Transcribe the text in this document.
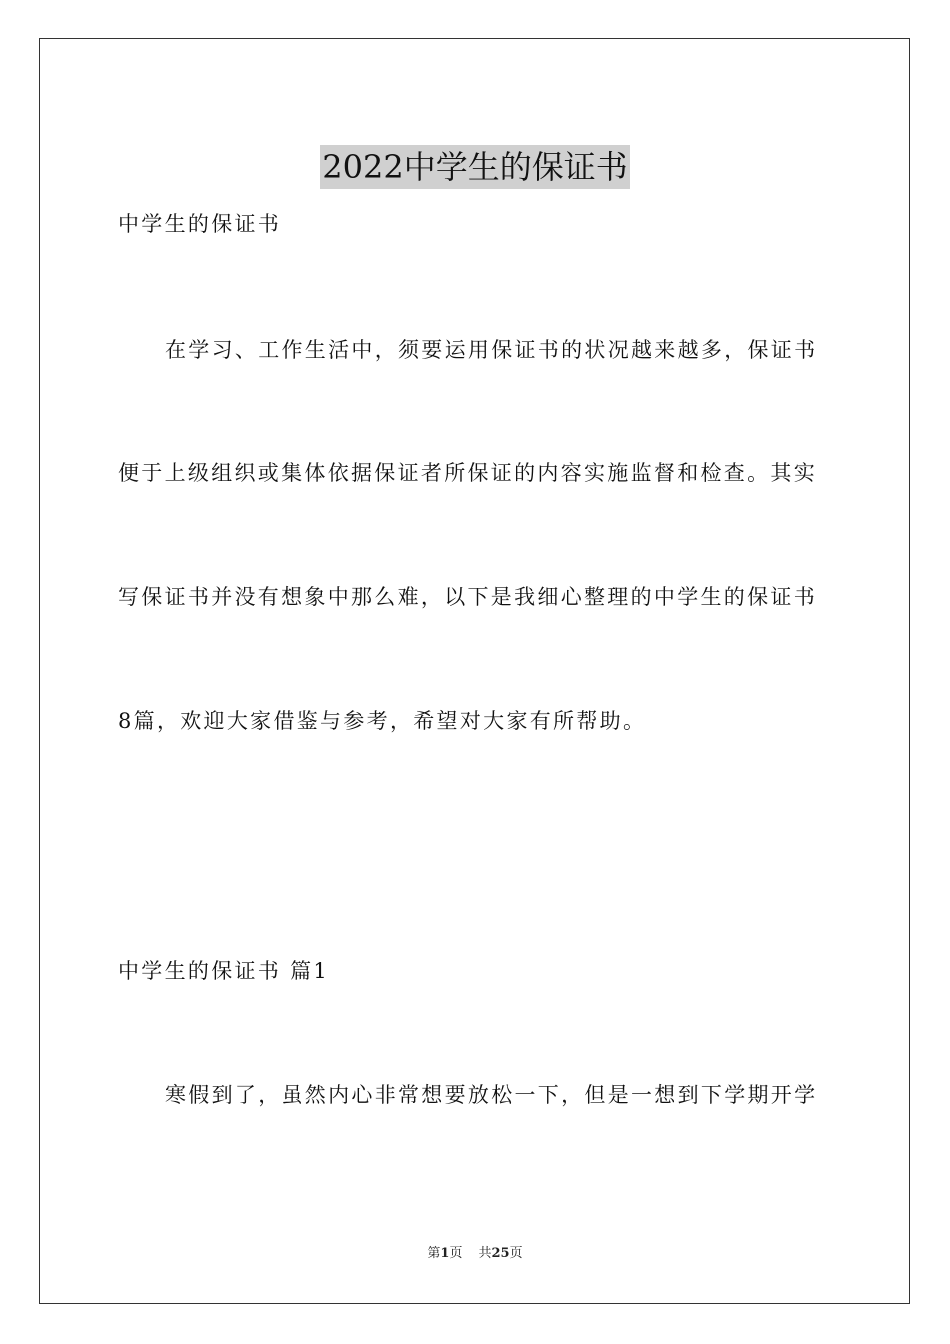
2022中学生的保证书
中学生的保证书
在学习、工作生活中，须要运用保证书的状况越来越多，保证书
便于上级组织或集体依据保证者所保证的内容实施监督和检查。其实
写保证书并没有想象中那么难，以下是我细心整理的中学生的保证书
8篇，欢迎大家借鉴与参考，希望对大家有所帮助。
中学生的保证书 篇1
寒假到了，虽然内心非常想要放松一下，但是一想到下学期开学
第1页 共25页
